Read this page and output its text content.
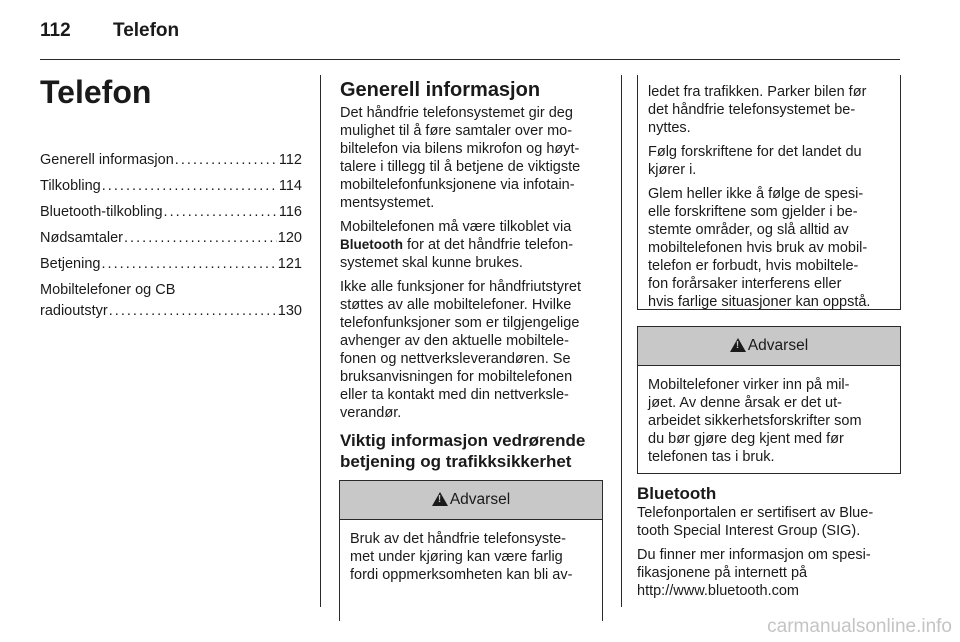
112 Telefon
Telefon
Generell informasjon . . .	112
Tilkobling . . .	114
Bluetooth-tilkobling . . .	116
Nødsamtaler . . .	120
Betjening . . .	121
Mobiltelefoner og CB
radioutstyr . . .	130
Generell informasjon

Det håndfrie telefonsystemet gir deg
mulighet til å føre samtaler over mo-
biltelefon via bilens mikrofon og høyt-
talere i tillegg til å betjene de viktigste
mobiltelefonfunksjonene via infotain-
mentsystemet.

Mobiltelefonen må være tilkoblet via
Bluetooth for at det håndfrie telefon-
systemet skal kunne brukes.

Ikke alle funksjoner for håndfriutstyret
støttes av alle mobiltelefoner. Hvilke
telefonfunksjoner som er tilgjengelige
avhenger av den aktuelle mobiltele-
fonen og nettverksleverandøren. Se
bruksanvisningen for mobiltelefonen
eller ta kontakt med din nettverksle-
verandør.

Viktig informasjon vedrørende
betjening og trafikksikkerhet
!
Advarsel
Bruk av det håndfrie telefonsyste-
met under kjøring kan være farlig
fordi oppmerksomheten kan bli av-

ledet fra trafikken. Parker bilen før
det håndfrie telefonsystemet be-
nyttes.

Følg forskriftene for det landet du
kjører i.

Glem heller ikke å følge de spesi-
elle forskriftene som gjelder i be-
stemte områder, og slå alltid av
mobiltelefonen hvis bruk av mobil-
telefon er forbudt, hvis mobiltele-
fon forårsaker interferens eller
hvis farlige situasjoner kan oppstå.

!
Advarsel
Mobiltelefoner virker inn på mil-
jøet. Av denne årsak er det ut-
arbeidet sikkerhetsforskrifter som
du bør gjøre deg kjent med før
telefonen tas i bruk.
Bluetooth

Telefonportalen er sertifisert av Blue-
tooth Special Interest Group (SIG).

Du finner mer informasjon om spesi-
fikasjonene på internett på
http://www.bluetooth.com

carmanualsonline.info
